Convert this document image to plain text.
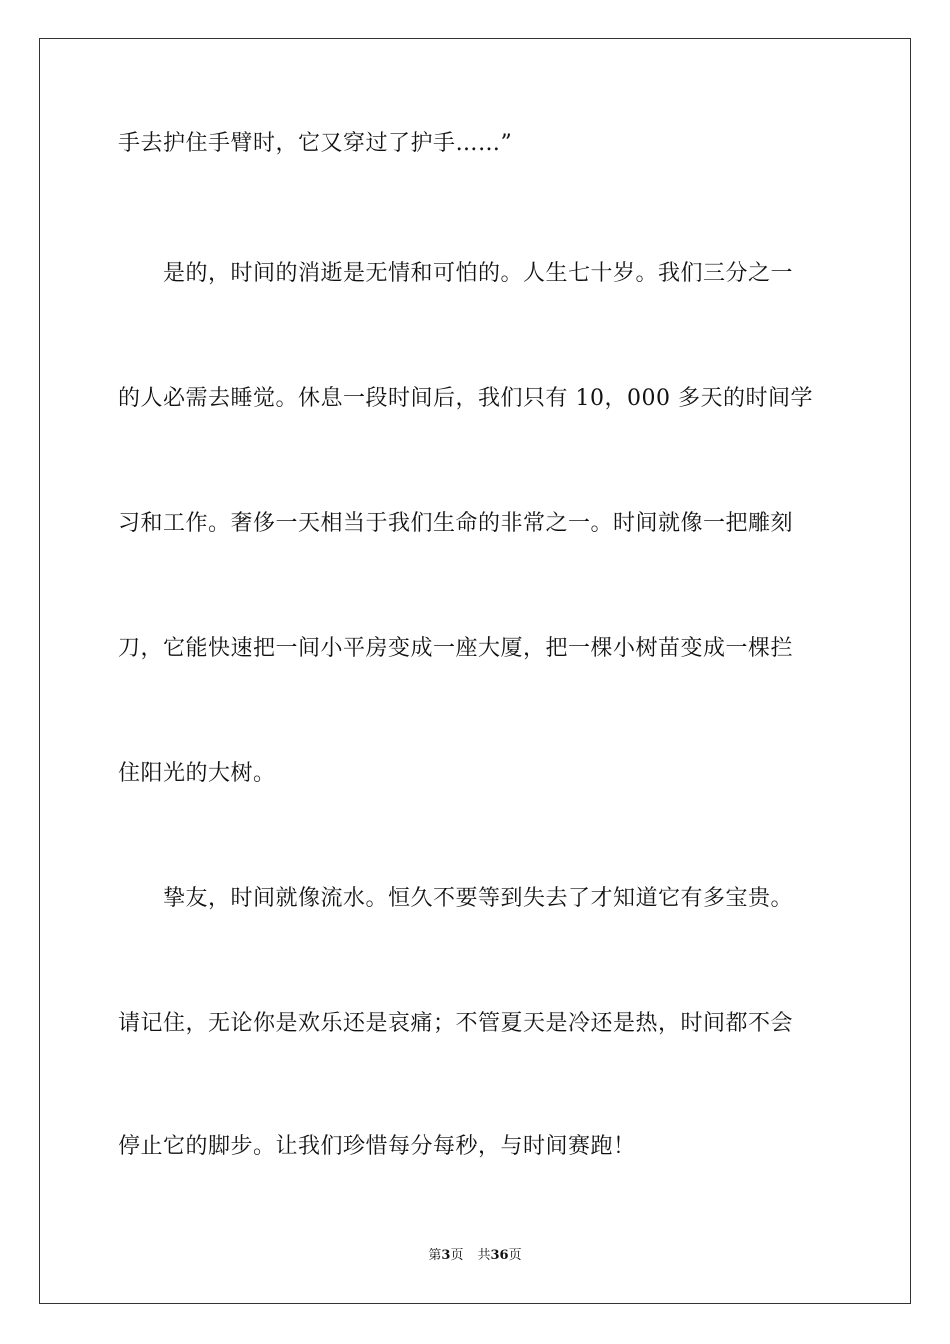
手去护住手臂时，它又穿过了护手……”
是的，时间的消逝是无情和可怕的。人生七十岁。我们三分之一
的人必需去睡觉。休息一段时间后，我们只有 10，000 多天的时间学
习和工作。奢侈一天相当于我们生命的非常之一。时间就像一把雕刻
刀，它能快速把一间小平房变成一座大厦，把一棵小树苗变成一棵拦
住阳光的大树。
挚友，时间就像流水。恒久不要等到失去了才知道它有多宝贵。
请记住，无论你是欢乐还是哀痛；不管夏天是冷还是热，时间都不会
停止它的脚步。让我们珍惜每分每秒，与时间赛跑！
第3页 共36页
